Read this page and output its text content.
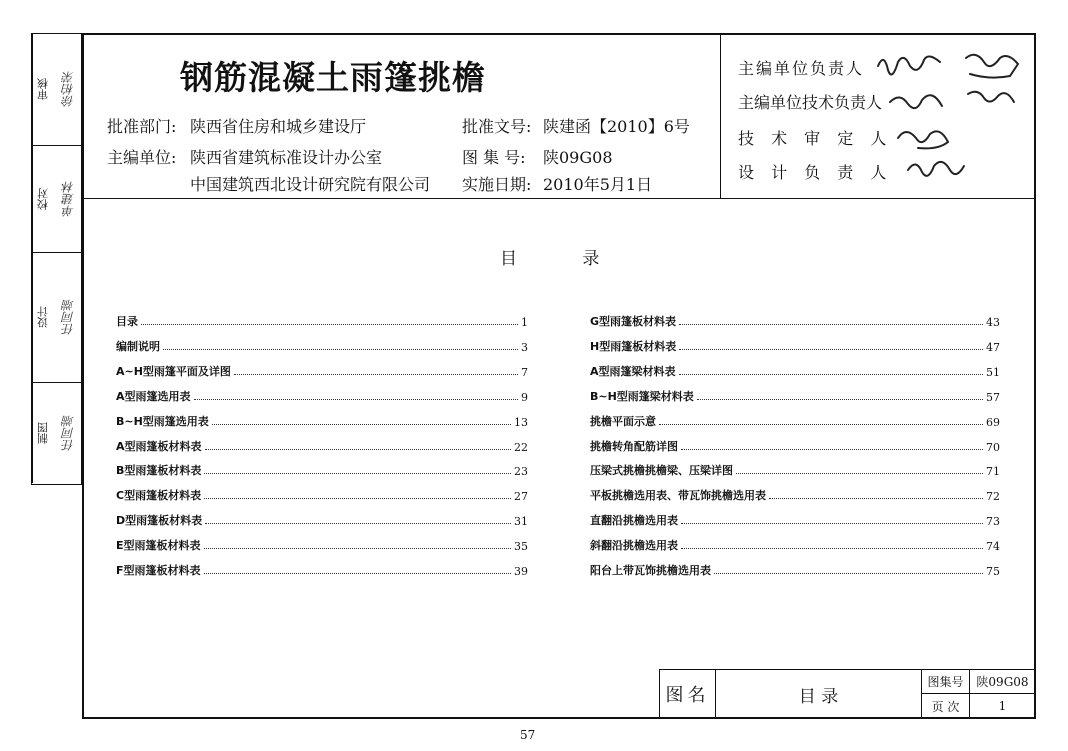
审核	徐柏荣
校对	单建林
设计	任同端
制图	任同端
钢筋混凝土雨篷挑檐
批准部门: 陕西省住房和城乡建设厅
主编单位: 陕西省建筑标准设计办公室
中国建筑西北设计研究院有限公司
批准文号: 陕建函【2010】6号
图 集 号: 陕09G08
实施日期: 2010年5月1日
主编单位负责人
主编单位技术负责人
技 术 审 定 人
设 计 负 责 人
目 录
目录	1
编制说明	3
A~H型雨篷平面及详图	7
A型雨篷选用表	9
B~H型雨篷选用表	13
A型雨篷板材料表	22
B型雨篷板材料表	23
C型雨篷板材料表	27
D型雨篷板材料表	31
E型雨篷板材料表	35
F型雨篷板材料表	39
G型雨篷板材料表	43
H型雨篷板材料表	47
A型雨篷梁材料表	51
B~H型雨篷梁材料表	57
挑檐平面示意	69
挑檐转角配筋详图	70
压梁式挑檐挑檐梁、压梁详图	71
平板挑檐选用表、带瓦饰挑檐选用表	72
直翻沿挑檐选用表	73
斜翻沿挑檐选用表	74
阳台上带瓦饰挑檐选用表	75
图名	目 录
图集号	陕09G08
页 次	1
57
